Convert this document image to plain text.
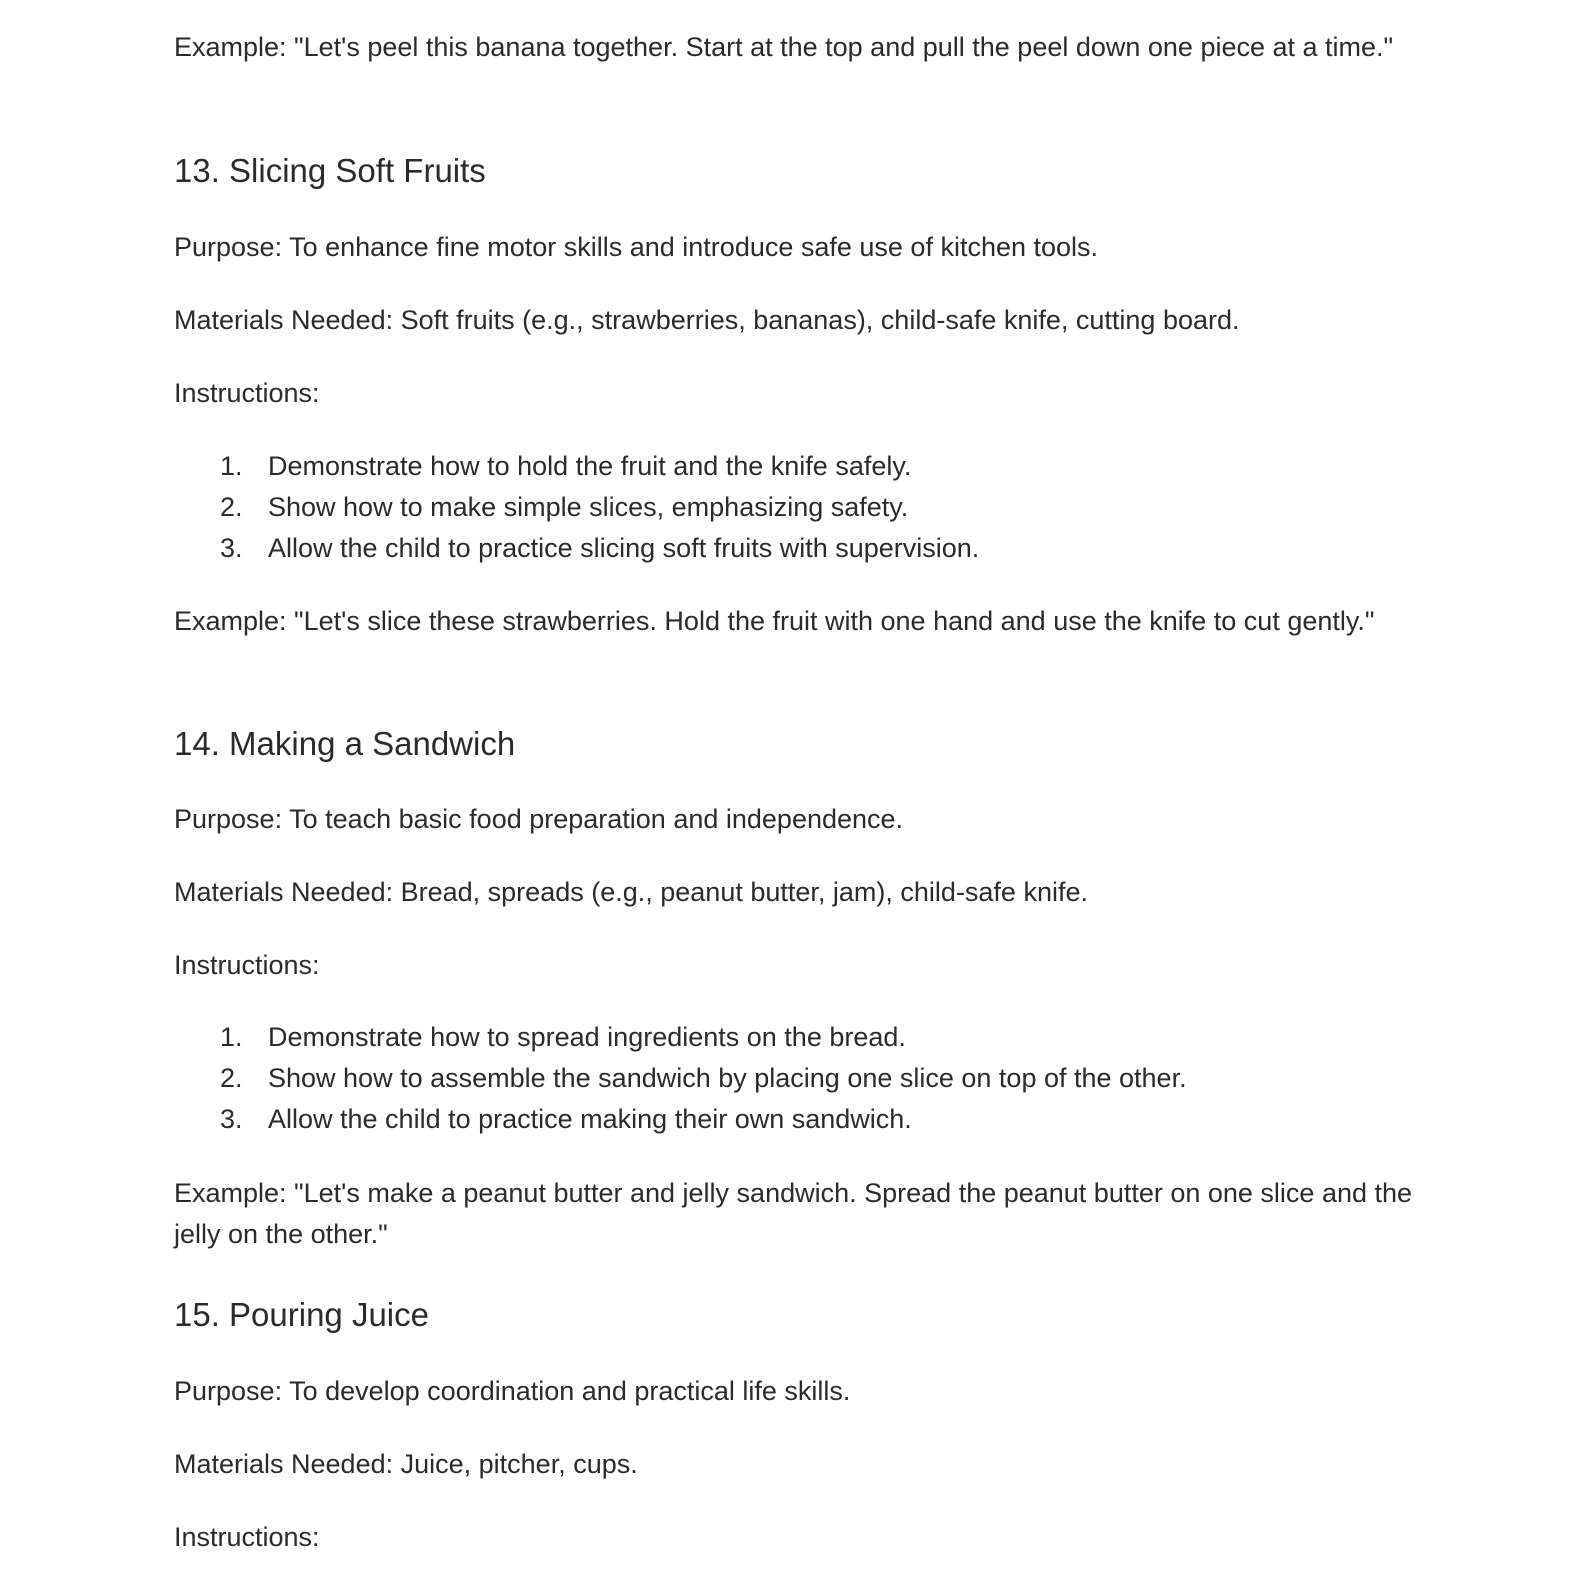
Example: "Let's peel this banana together. Start at the top and pull the peel down one piece at a time."

13. Slicing Soft Fruits

Purpose: To enhance fine motor skills and introduce safe use of kitchen tools.

Materials Needed: Soft fruits (e.g., strawberries, bananas), child-safe knife, cutting board.

Instructions:

1. Demonstrate how to hold the fruit and the knife safely.
2. Show how to make simple slices, emphasizing safety.
3. Allow the child to practice slicing soft fruits with supervision.

Example: "Let's slice these strawberries. Hold the fruit with one hand and use the knife to cut gently."

14. Making a Sandwich

Purpose: To teach basic food preparation and independence.

Materials Needed: Bread, spreads (e.g., peanut butter, jam), child-safe knife.

Instructions:

1. Demonstrate how to spread ingredients on the bread.
2. Show how to assemble the sandwich by placing one slice on top of the other.
3. Allow the child to practice making their own sandwich.

Example: "Let's make a peanut butter and jelly sandwich. Spread the peanut butter on one slice and the jelly on the other."

15. Pouring Juice

Purpose: To develop coordination and practical life skills.

Materials Needed: Juice, pitcher, cups.

Instructions:
